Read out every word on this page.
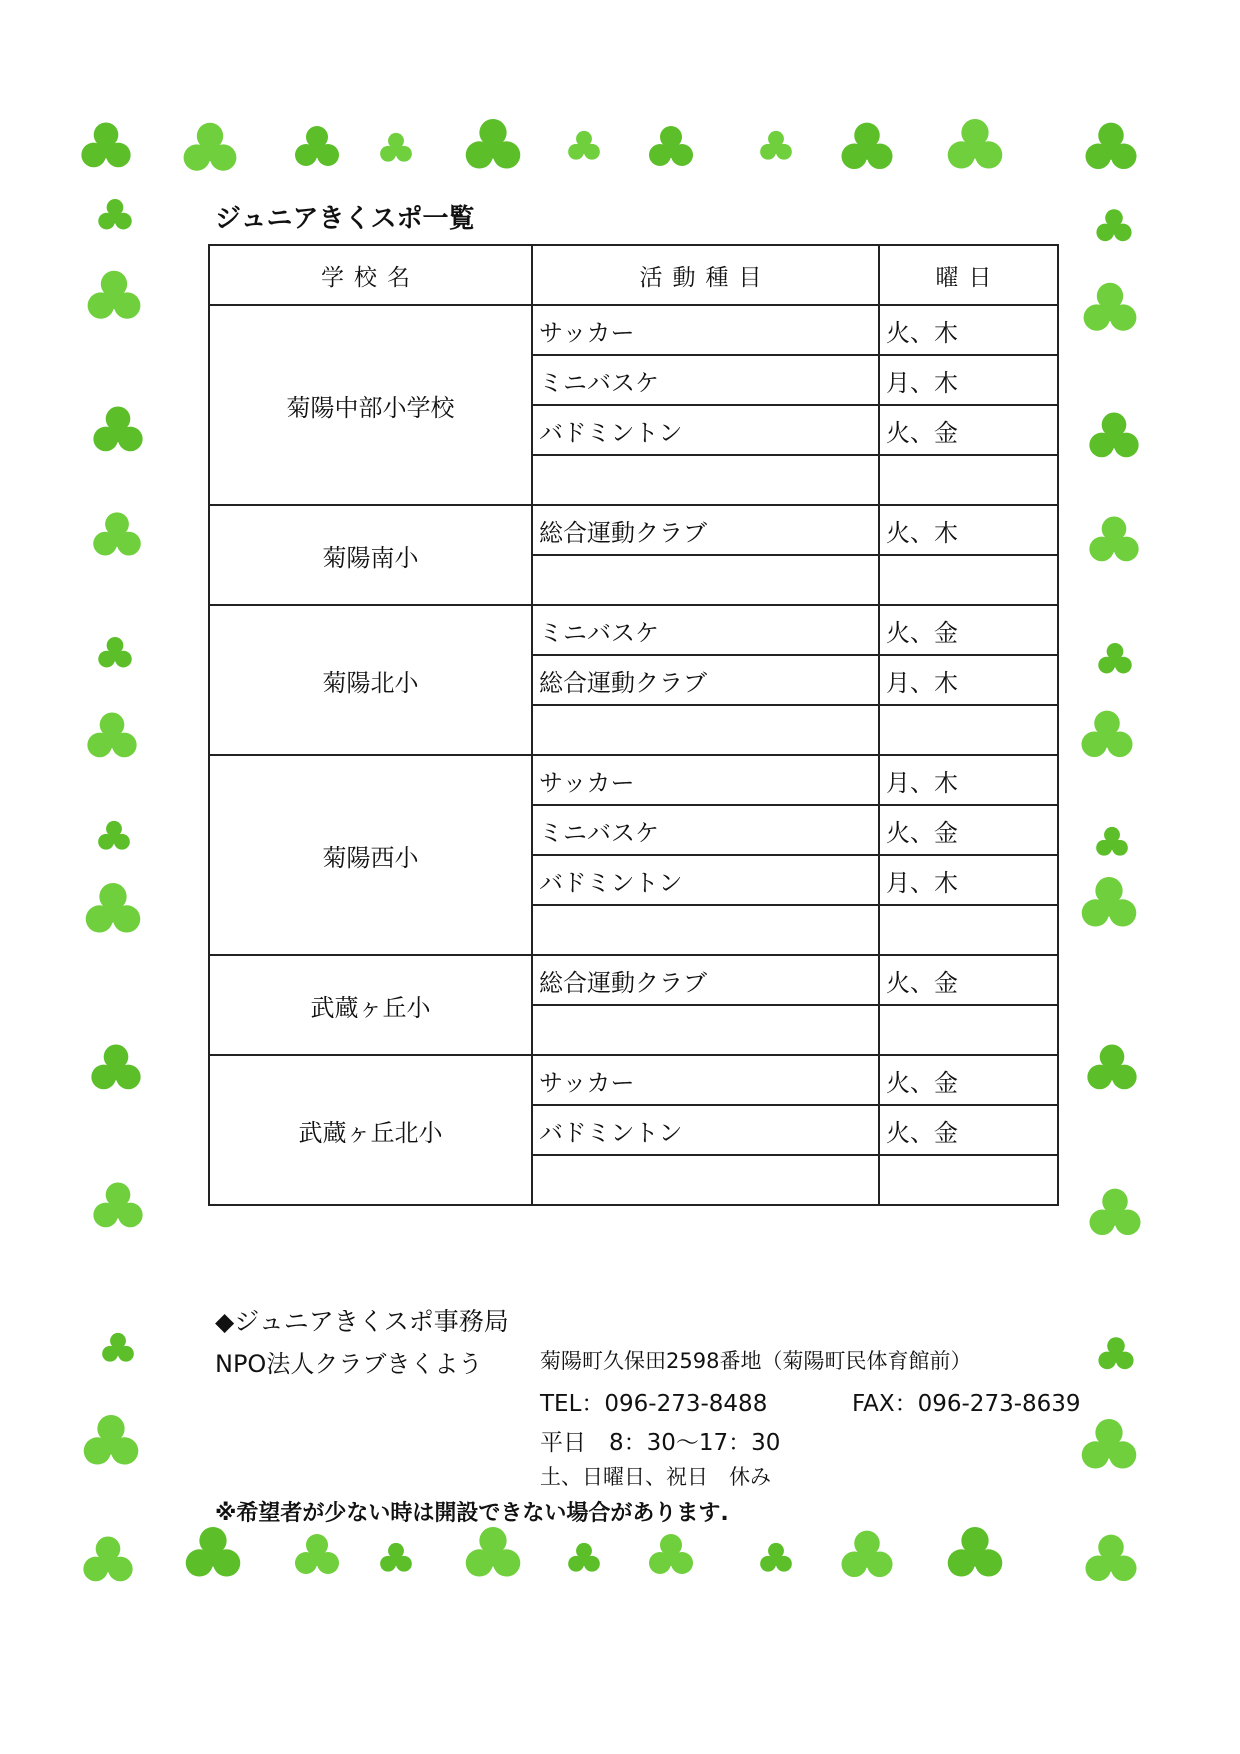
ジュニアきくスポ一覧
学校名	活動種目	曜日
菊陽中部小学校	サッカー	火、木
	ミニバスケ	月、木
	バドミントン	火、金

菊陽南小	総合運動クラブ	火、木

菊陽北小	ミニバスケ	火、金
	総合運動クラブ	月、木

菊陽西小	サッカー	月、木
	ミニバスケ	火、金
	バドミントン	月、木

武蔵ヶ丘小	総合運動クラブ	火、金

武蔵ヶ丘北小	サッカー	火、金
	バドミントン	火、金

◆ジュニアきくスポ事務局
NPO法人クラブきくよう	菊陽町久保田2598番地（菊陽町民体育館前）
TEL：096-273-8488	FAX：096-273-8639
平日　8：30～17：30
土、日曜日、祝日　休み
※希望者が少ない時は開設できない場合があります.
